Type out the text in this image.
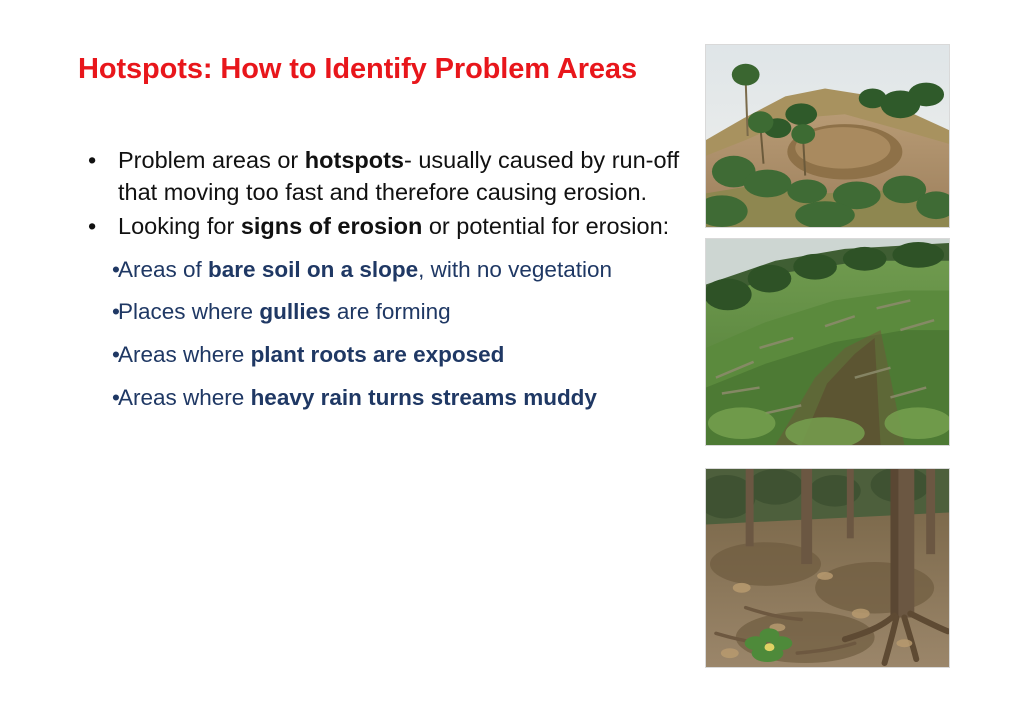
Hotspots: How to Identify Problem Areas
• Problem areas or hotspots- usually caused by run-off that moving too fast and therefore causing erosion.
• Looking for signs of erosion or potential for erosion:
•
Areas of bare soil on a slope, with no vegetation
•
Places where gullies are forming
•
Areas where plant roots are exposed
•
Areas where heavy rain turns streams muddy
